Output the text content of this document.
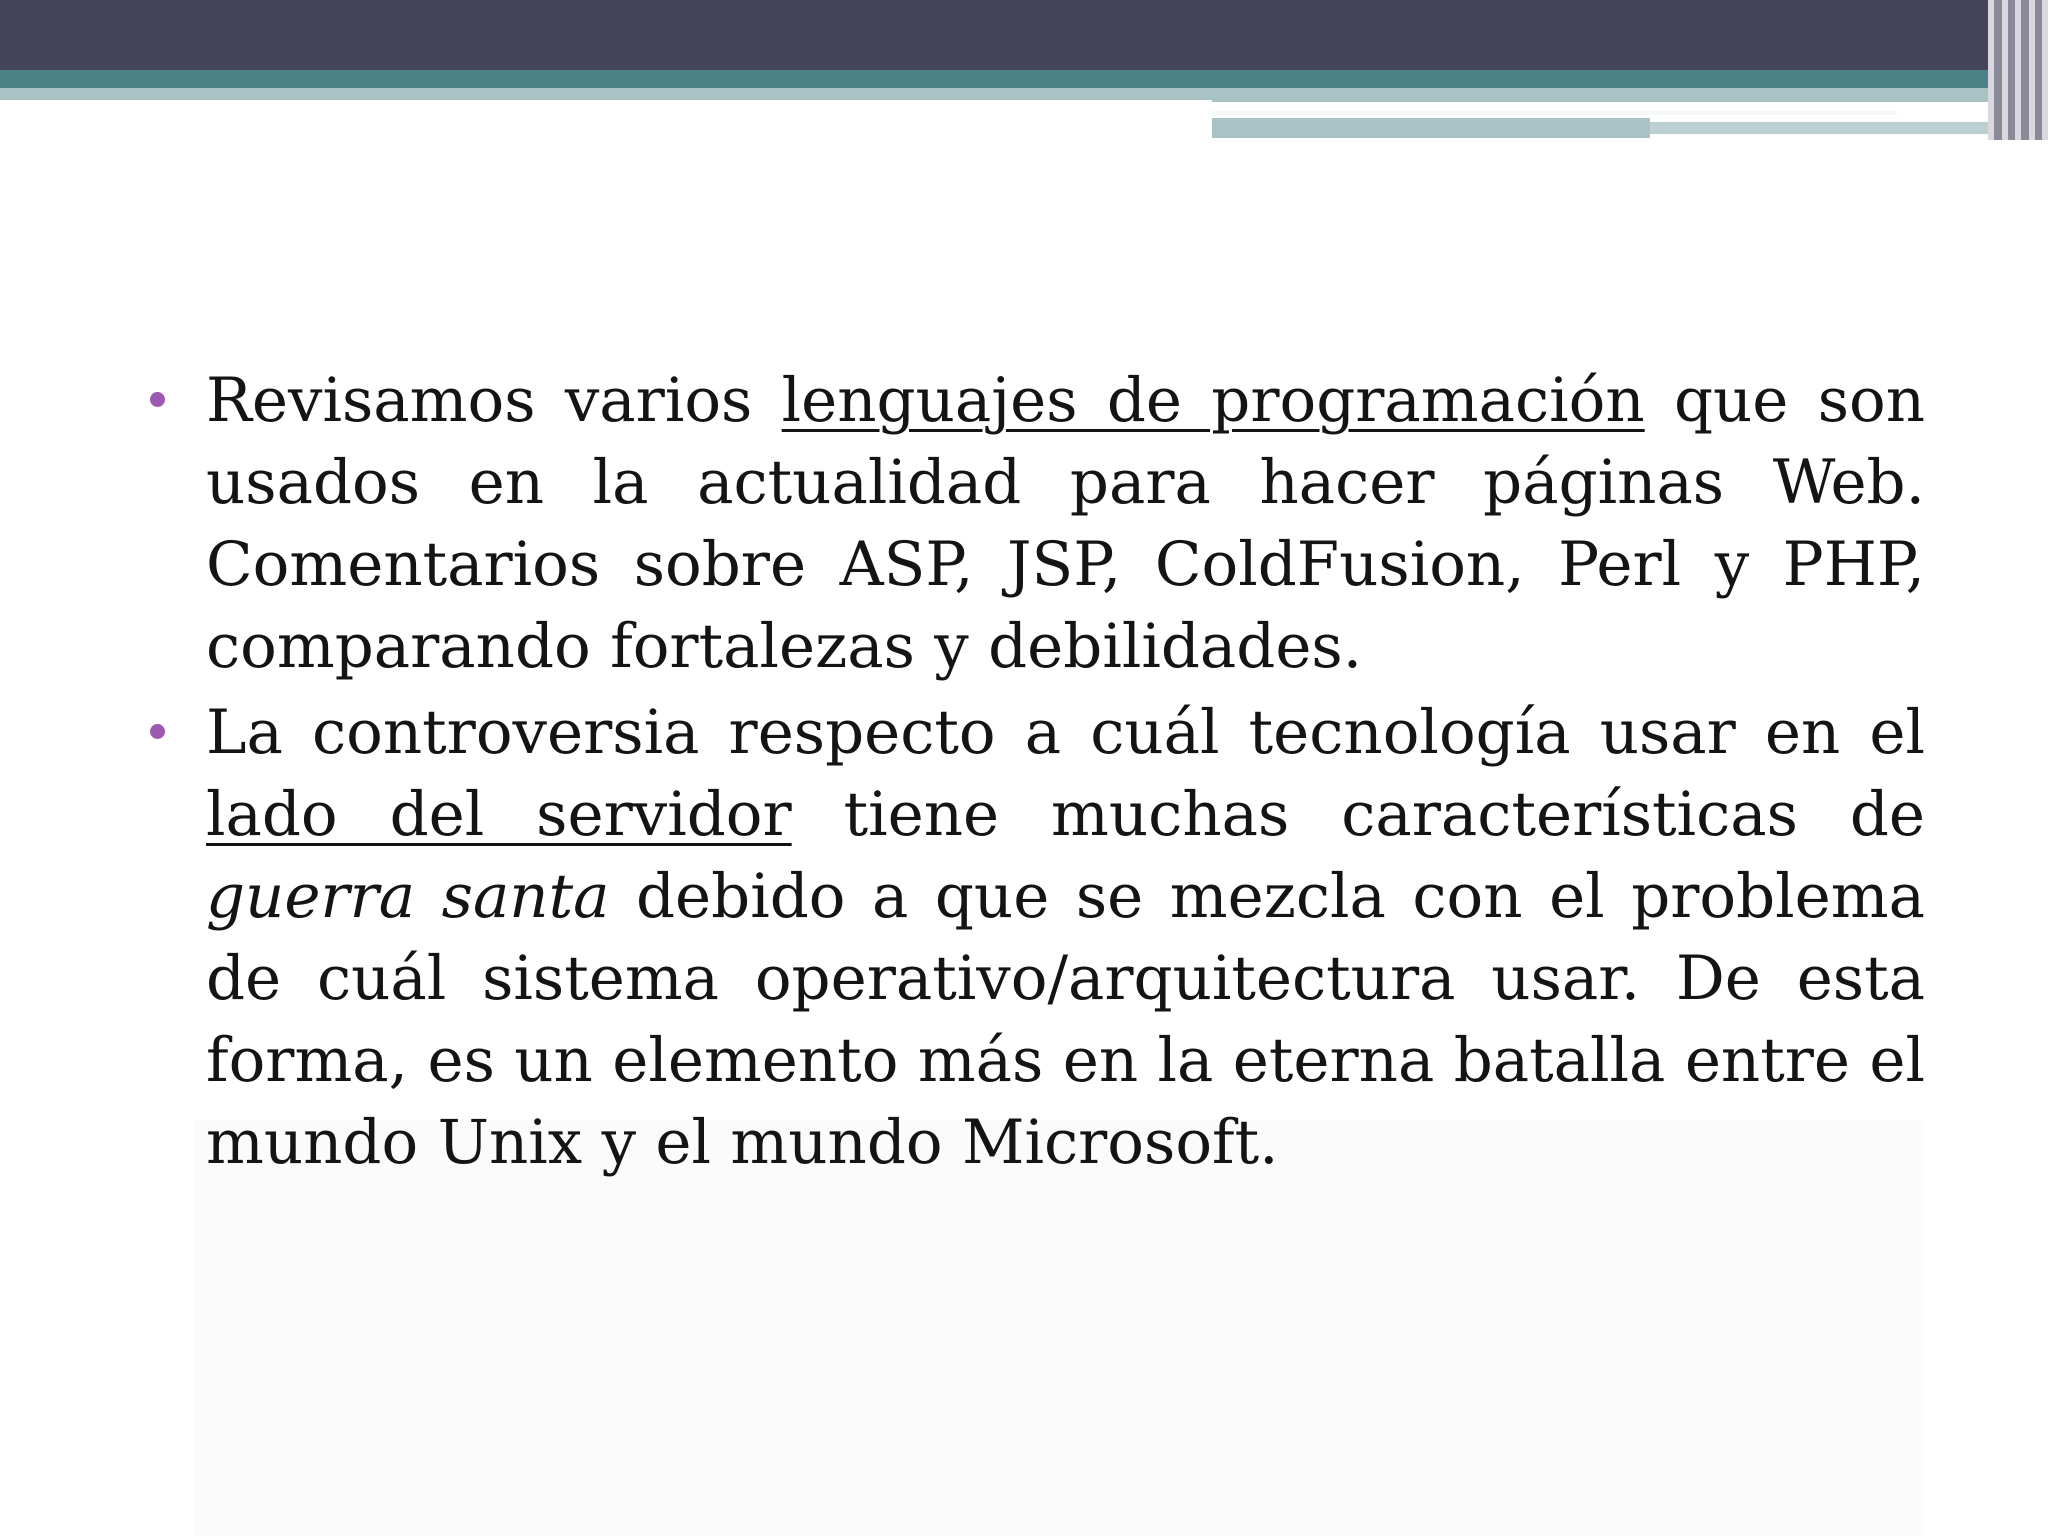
Revisamos varios lenguajes de programación que son usados en la actualidad para hacer páginas Web. Comentarios sobre ASP, JSP, ColdFusion, Perl y PHP, comparando fortalezas y debilidades.
La controversia respecto a cuál tecnología usar en el lado del servidor tiene muchas características de guerra santa debido a que se mezcla con el problema de cuál sistema operativo/arquitectura usar. De esta forma, es un elemento más en la eterna batalla entre el mundo Unix y el mundo Microsoft.
